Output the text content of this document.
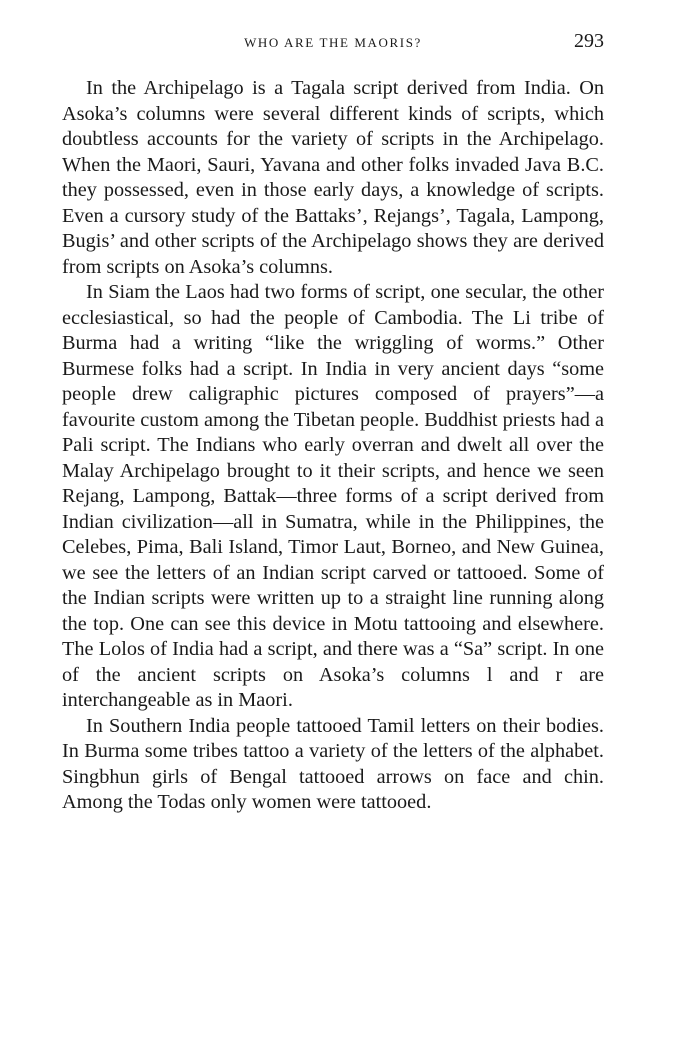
WHO ARE THE MAORIS?	293

In the Archipelago is a Tagala script derived from India. On Asoka’s columns were several different kinds of scripts, which doubtless accounts for the variety of scripts in the Archipelago. When the Maori, Sauri, Yavana and other folks invaded Java B.C. they possessed, even in those early days, a knowledge of scripts. Even a cursory study of the Battaks’, Rejangs’, Tagala, Lampong, Bugis’ and other scripts of the Archipelago shows they are derived from scripts on Asoka’s columns.

In Siam the Laos had two forms of script, one secular, the other ecclesiastical, so had the people of Cambodia. The Li tribe of Burma had a writing “like the wriggling of worms.” Other Burmese folks had a script. In India in very ancient days “some people drew caligraphic pictures composed of prayers”—a favourite custom among the Tibetan people. Buddhist priests had a Pali script. The Indians who early overran and dwelt all over the Malay Archipelago brought to it their scripts, and hence we seen Rejang, Lampong, Battak—three forms of a script derived from Indian civilization—all in Sumatra, while in the Philippines, the Celebes, Pima, Bali Island, Timor Laut, Borneo, and New Guinea, we see the letters of an Indian script carved or tattooed. Some of the Indian scripts were written up to a straight line running along the top. One can see this device in Motu tattooing and elsewhere. The Lolos of India had a script, and there was a “Sa” script. In one of the ancient scripts on Asoka’s columns l and r are interchangeable as in Maori.

In Southern India people tattooed Tamil letters on their bodies. In Burma some tribes tattoo a variety of the letters of the alphabet. Singbhun girls of Bengal tattooed arrows on face and chin. Among the Todas only women were tattooed.
